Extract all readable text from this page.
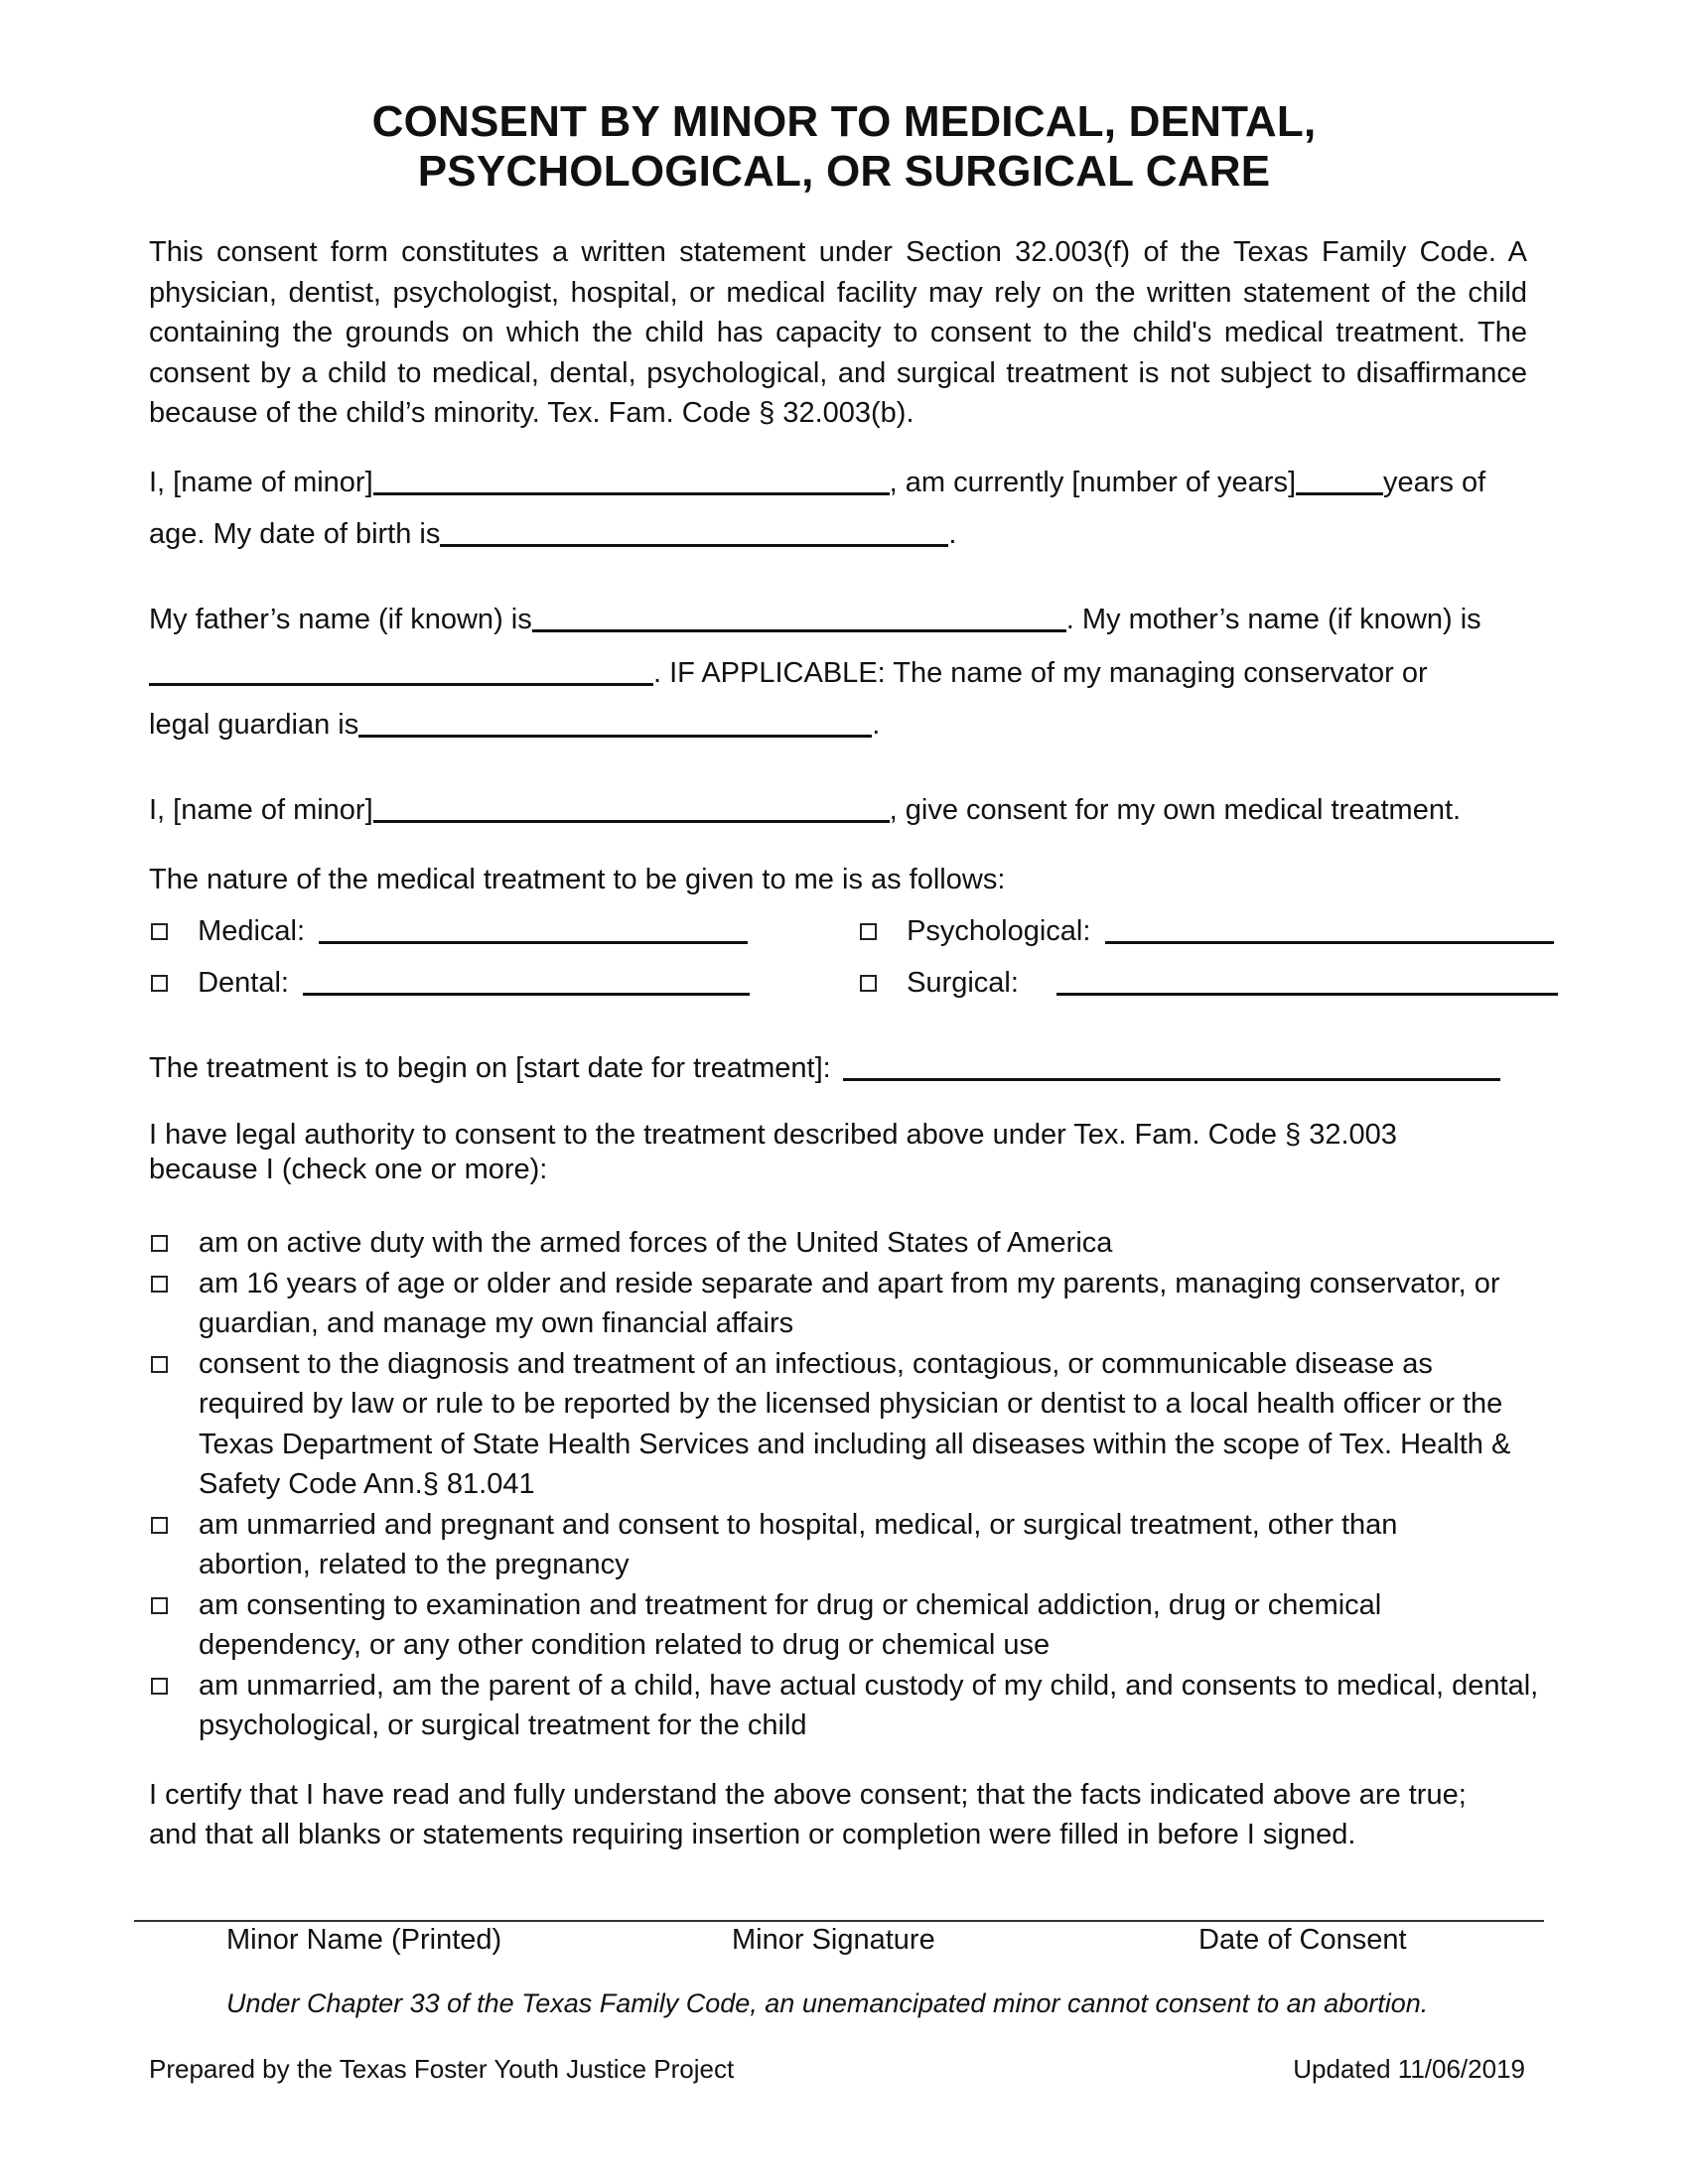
CONSENT BY MINOR TO MEDICAL, DENTAL,
PSYCHOLOGICAL, OR SURGICAL CARE
This consent form constitutes a written statement under Section 32.003(f) of the Texas Family Code. A physician, dentist, psychologist, hospital, or medical facility may rely on the written statement of the child containing the grounds on which the child has capacity to consent to the child's medical treatment. The consent by a child to medical, dental, psychological, and surgical treatment is not subject to disaffirmance because of the child’s minority. Tex. Fam. Code § 32.003(b).
I, [name of minor]	, am currently [number of years]	years of
age. My date of birth is	.
My father’s name (if known) is	. My mother’s name (if known) is
. IF APPLICABLE: The name of my managing conservator or
legal guardian is	.
I, [name of minor]	, give consent for my own medical treatment.
The nature of the medical treatment to be given to me is as follows:
Medical:	Psychological:
Dental:	Surgical:
The treatment is to begin on [start date for treatment]:
I have legal authority to consent to the treatment described above under Tex. Fam. Code § 32.003
because I (check one or more):
am on active duty with the armed forces of the United States of America
am 16 years of age or older and reside separate and apart from my parents, managing conservator, or guardian, and manage my own financial affairs
consent to the diagnosis and treatment of an infectious, contagious, or communicable disease as required by law or rule to be reported by the licensed physician or dentist to a local health officer or the Texas Department of State Health Services and including all diseases within the scope of Tex. Health & Safety Code Ann.§ 81.041
am unmarried and pregnant and consent to hospital, medical, or surgical treatment, other than abortion, related to the pregnancy
am consenting to examination and treatment for drug or chemical addiction, drug or chemical dependency, or any other condition related to drug or chemical use
am unmarried, am the parent of a child, have actual custody of my child, and consents to medical, dental, psychological, or surgical treatment for the child
I certify that I have read and fully understand the above consent; that the facts indicated above are true;
and that all blanks or statements requiring insertion or completion were filled in before I signed.
Minor Name (Printed)	Minor Signature	Date of Consent
Under Chapter 33 of the Texas Family Code, an unemancipated minor cannot consent to an abortion.
Prepared by the Texas Foster Youth Justice Project	Updated 11/06/2019
